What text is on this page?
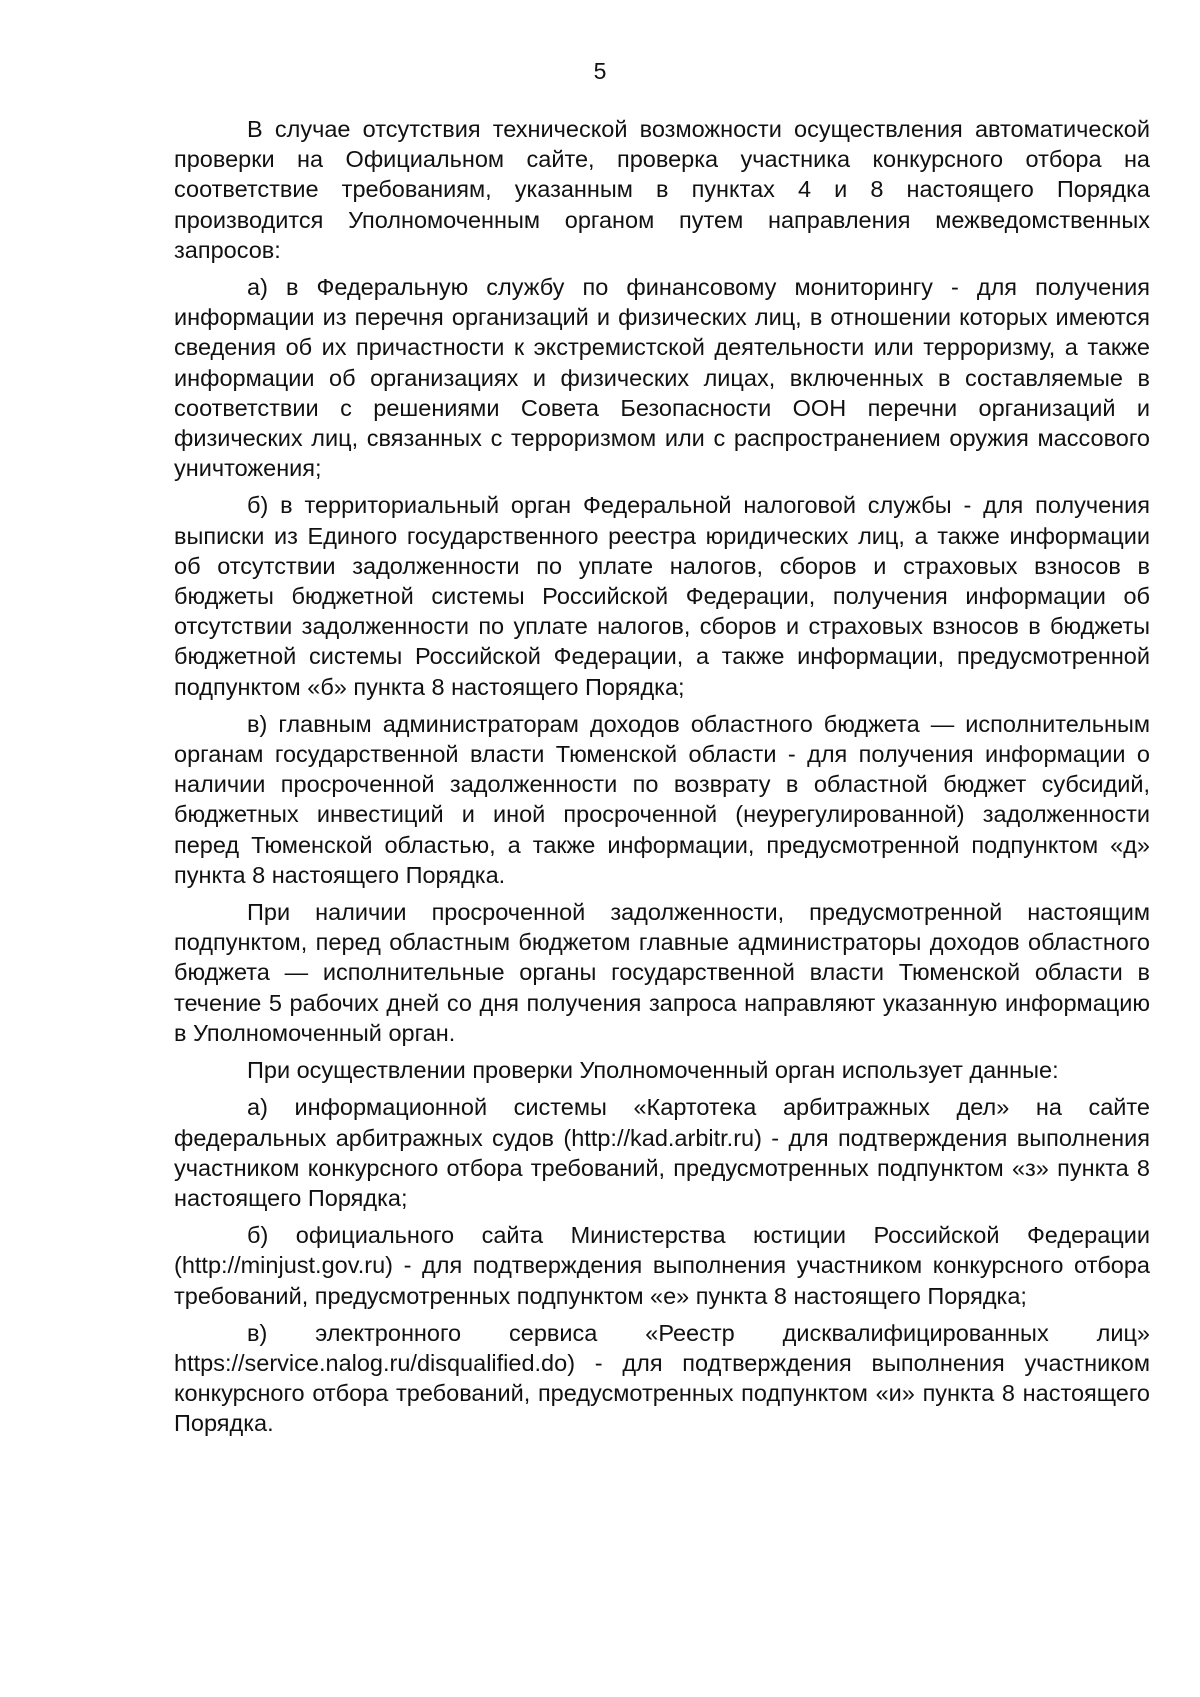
5

В случае отсутствия технической возможности осуществления автоматической проверки на Официальном сайте, проверка участника конкурсного отбора на соответствие требованиям, указанным в пунктах 4 и 8 настоящего Порядка производится Уполномоченным органом путем направления межведомственных запросов:

а) в Федеральную службу по финансовому мониторингу - для получения информации из перечня организаций и физических лиц, в отношении которых имеются сведения об их причастности к экстремистской деятельности или терроризму, а также информации об организациях и физических лицах, включенных в составляемые в соответствии с решениями Совета Безопасности ООН перечни организаций и физических лиц, связанных с терроризмом или с распространением оружия массового уничтожения;

б) в территориальный орган Федеральной налоговой службы - для получения выписки из Единого государственного реестра юридических лиц, а также информации об отсутствии задолженности по уплате налогов, сборов и страховых взносов в бюджеты бюджетной системы Российской Федерации, получения информации об отсутствии задолженности по уплате налогов, сборов и страховых взносов в бюджеты бюджетной системы Российской Федерации, а также информации, предусмотренной подпунктом «б» пункта 8 настоящего Порядка;

в) главным администраторам доходов областного бюджета — исполнительным органам государственной власти Тюменской области - для получения информации о наличии просроченной задолженности по возврату в областной бюджет субсидий, бюджетных инвестиций и иной просроченной (неурегулированной) задолженности перед Тюменской областью, а также информации, предусмотренной подпунктом «д» пункта 8 настоящего Порядка.

При наличии просроченной задолженности, предусмотренной настоящим подпунктом, перед областным бюджетом главные администраторы доходов областного бюджета — исполнительные органы государственной власти Тюменской области в течение 5 рабочих дней со дня получения запроса направляют указанную информацию в Уполномоченный орган.

При осуществлении проверки Уполномоченный орган использует данные:

а) информационной системы «Картотека арбитражных дел» на сайте федеральных арбитражных судов (http://kad.arbitr.ru) - для подтверждения выполнения участником конкурсного отбора требований, предусмотренных подпунктом «з» пункта 8 настоящего Порядка;

б) официального сайта Министерства юстиции Российской Федерации (http://minjust.gov.ru) - для подтверждения выполнения участником конкурсного отбора требований, предусмотренных подпунктом «е» пункта 8 настоящего Порядка;

в) электронного сервиса «Реестр дисквалифицированных лиц» https://service.nalog.ru/disqualified.do) - для подтверждения выполнения участником конкурсного отбора требований, предусмотренных подпунктом «и» пункта 8 настоящего Порядка.
